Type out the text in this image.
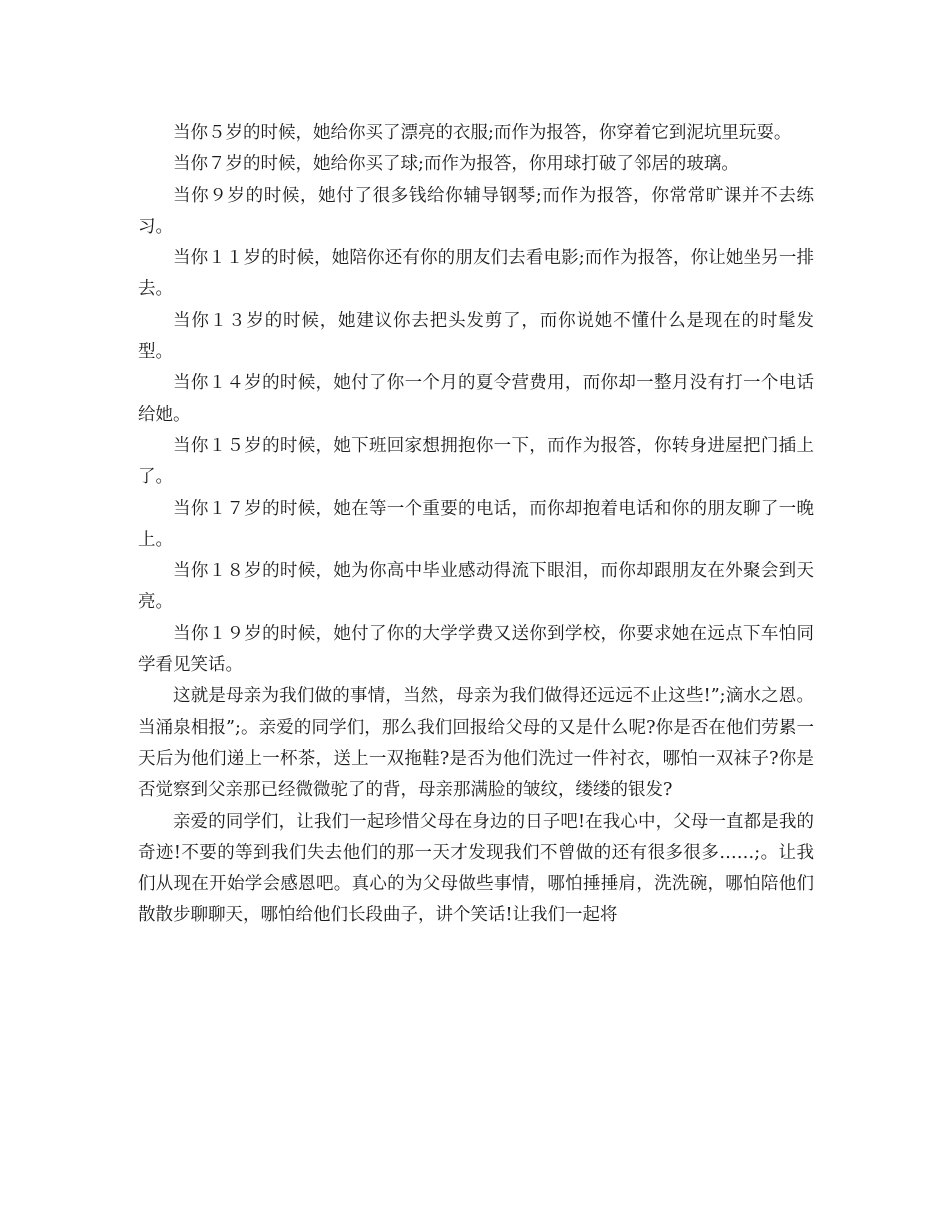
当你５岁的时候，她给你买了漂亮的衣服;而作为报答，你穿着它到泥坑里玩耍。

当你７岁的时候，她给你买了球;而作为报答，你用球打破了邻居的玻璃。

当你９岁的时候，她付了很多钱给你辅导钢琴;而作为报答，你常常旷课并不去练习。

当你１１岁的时候，她陪你还有你的朋友们去看电影;而作为报答，你让她坐另一排去。

当你１３岁的时候，她建议你去把头发剪了，而你说她不懂什么是现在的时髦发型。

当你１４岁的时候，她付了你一个月的夏令营费用，而你却一整月没有打一个电话给她。

当你１５岁的时候，她下班回家想拥抱你一下，而作为报答，你转身进屋把门插上了。

当你１７岁的时候，她在等一个重要的电话，而你却抱着电话和你的朋友聊了一晚上。

当你１８岁的时候，她为你高中毕业感动得流下眼泪，而你却跟朋友在外聚会到天亮。

当你１９岁的时候，她付了你的大学学费又送你到学校，你要求她在远点下车怕同学看见笑话。

这就是母亲为我们做的事情，当然，母亲为我们做得还远远不止这些!”;滴水之恩。当涌泉相报”;。亲爱的同学们，那么我们回报给父母的又是什么呢?你是否在他们劳累一天后为他们递上一杯茶，送上一双拖鞋?是否为他们洗过一件衬衣，哪怕一双袜子?你是否觉察到父亲那已经微微驼了的背，母亲那满脸的皱纹，缕缕的银发?

亲爱的同学们，让我们一起珍惜父母在身边的日子吧!在我心中，父母一直都是我的奇迹!不要的等到我们失去他们的那一天才发现我们不曾做的还有很多很多……;。让我们从现在开始学会感恩吧。真心的为父母做些事情，哪怕捶捶肩，洗洗碗，哪怕陪他们散散步聊聊天，哪怕给他们长段曲子，讲个笑话!让我们一起将
